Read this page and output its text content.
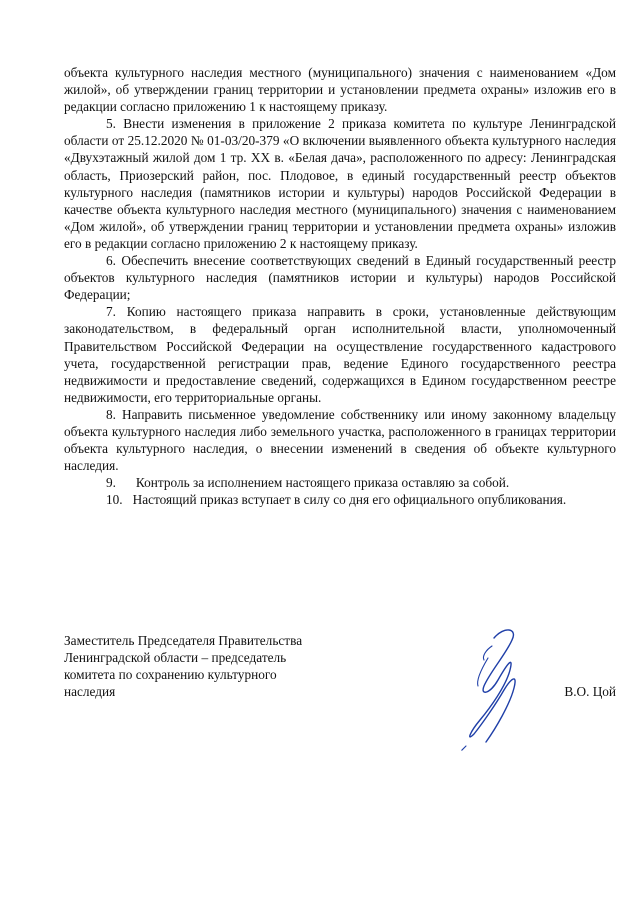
объекта культурного наследия местного (муниципального) значения с наименованием «Дом жилой», об утверждении границ территории и установлении предмета охраны» изложив его в редакции согласно приложению 1 к настоящему приказу.

5. Внести изменения в приложение 2 приказа комитета по культуре Ленинградской области от 25.12.2020 № 01-03/20-379 «О включении выявленного объекта культурного наследия «Двухэтажный жилой дом 1 тр. XX в. «Белая дача», расположенного по адресу: Ленинградская область, Приозерский район, пос. Плодовое, в единый государственный реестр объектов культурного наследия (памятников истории и культуры) народов Российской Федерации в качестве объекта культурного наследия местного (муниципального) значения с наименованием «Дом жилой», об утверждении границ территории и установлении предмета охраны» изложив его в редакции согласно приложению 2 к настоящему приказу.

6. Обеспечить внесение соответствующих сведений в Единый государственный реестр объектов культурного наследия (памятников истории и культуры) народов Российской Федерации;

7. Копию настоящего приказа направить в сроки, установленные действующим законодательством, в федеральный орган исполнительной власти, уполномоченный Правительством Российской Федерации на осуществление государственного кадастрового учета, государственной регистрации прав, ведение Единого государственного реестра недвижимости и предоставление сведений, содержащихся в Едином государственном реестре недвижимости, его территориальные органы.

8. Направить письменное уведомление собственнику или иному законному владельцу объекта культурного наследия либо земельного участка, расположенного в границах территории объекта культурного наследия, о внесении изменений в сведения об объекте культурного наследия.

9.      Контроль за исполнением настоящего приказа оставляю за собой.

10.   Настоящий приказ вступает в силу со дня его официального опубликования.

Заместитель Председателя Правительства
Ленинградской области – председатель
комитета по сохранению культурного
наследия	В.О. Цой
